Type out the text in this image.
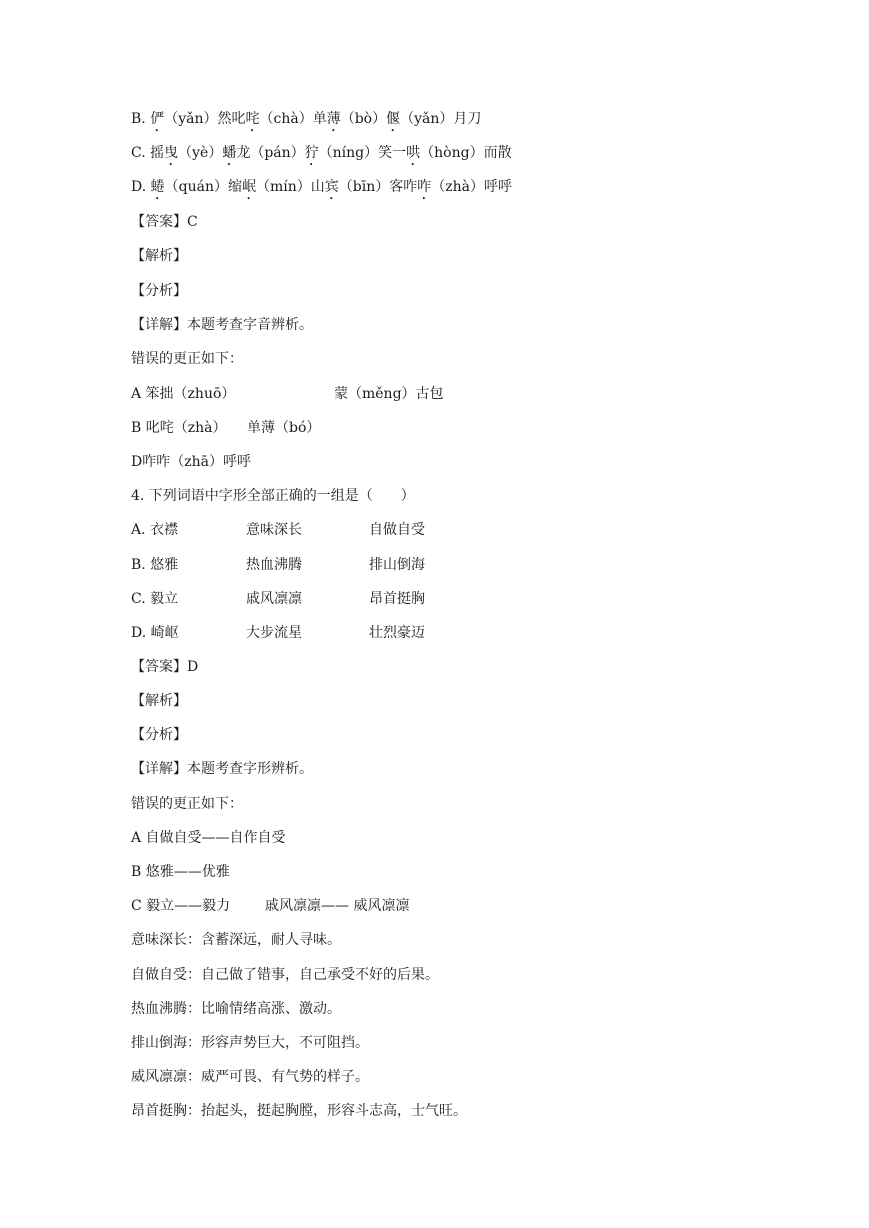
B. 俨（yǎn）然叱咤（chà）单薄（bò）偃（yǎn）月刀
C. 摇曳（yè）蟠龙（pán）狞（níng）笑一哄（hòng）而散
D. 蜷（quán）缩岷（mín）山宾（bīn）客咋咋（zhà）呼呼
【答案】C
【解析】
【分析】
【详解】本题考查字音辨析。
错误的更正如下：
A 笨拙（zhuō）	蒙（měng）古包
B 叱咤（zhà） 单薄（bó）
D咋咋（zhā）呼呼
4. 下列词语中字形全部正确的一组是（　　）
A. 衣襟	意味深长	自做自受
B. 悠雅	热血沸腾	排山倒海
C. 毅立	戚风凛凛	昂首挺胸
D. 崎岖	大步流星	壮烈豪迈
【答案】D
【解析】
【分析】
【详解】本题考查字形辨析。
错误的更正如下：
A 自做自受——自作自受
B 悠雅——优雅
C 毅立——毅力 戚风凛凛—— 威风凛凛
意味深长：含蓄深远，耐人寻味。
自做自受：自己做了错事，自己承受不好的后果。
热血沸腾：比喻情绪高涨、激动。
排山倒海：形容声势巨大，不可阻挡。
威风凛凛：威严可畏、有气势的样子。
昂首挺胸：抬起头，挺起胸膛，形容斗志高，士气旺。
